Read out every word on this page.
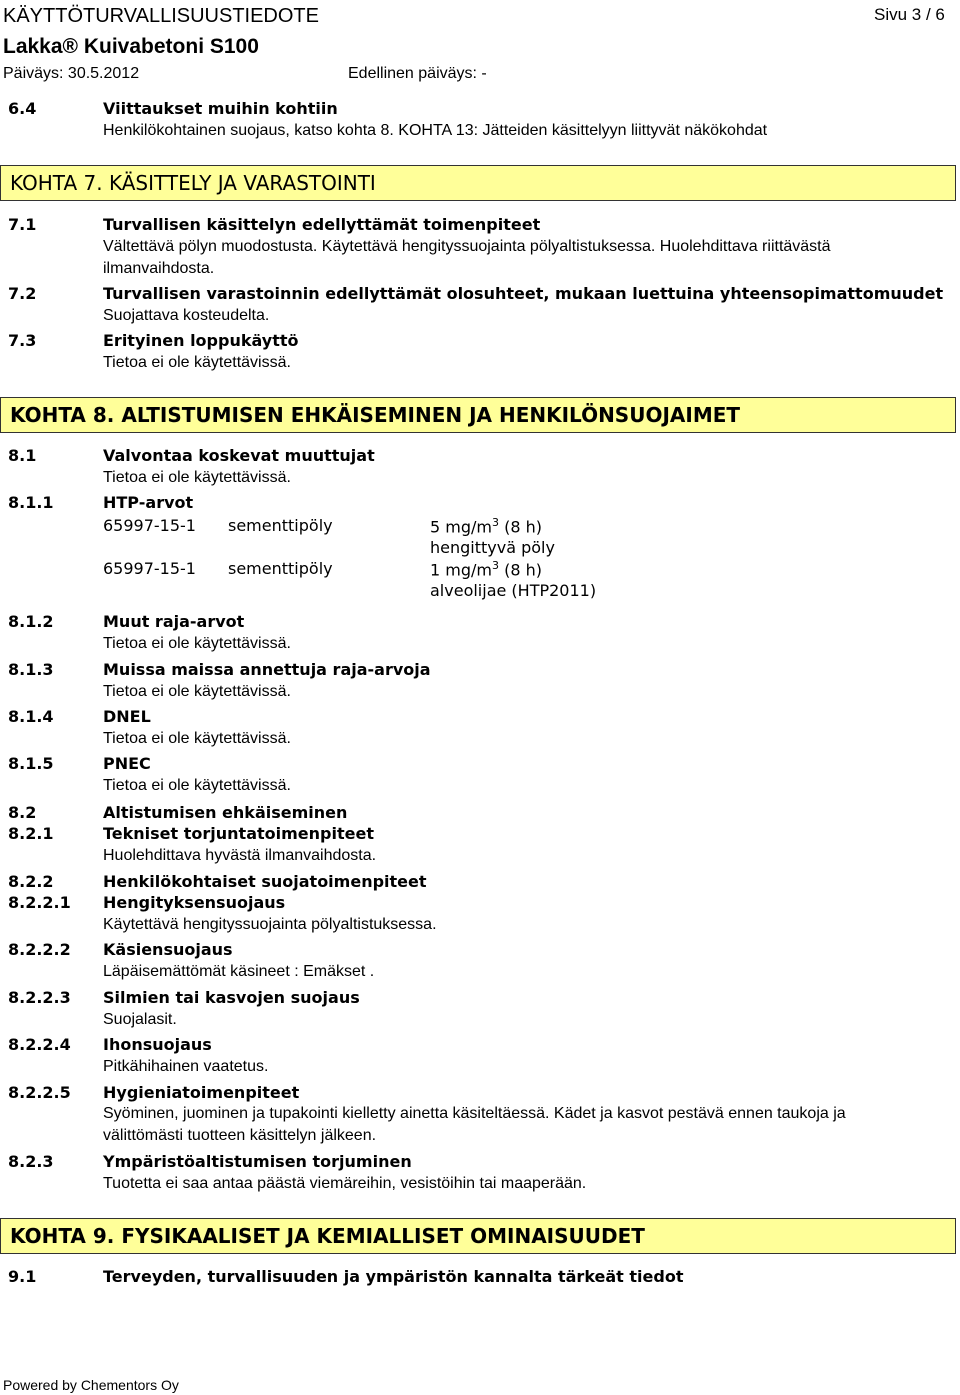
KÄYTTÖTURVALLISUUSTIEDOTE	Sivu 3 / 6
Lakka® Kuivabetoni S100
Päiväys: 30.5.2012	Edellinen päiväys: -
6.4	Viittaukset muihin kohtiin
Henkilökohtainen suojaus, katso kohta 8. KOHTA 13: Jätteiden käsittelyyn liittyvät näkökohdat
KOHTA 7. KÄSITTELY JA VARASTOINTI
7.1	Turvallisen käsittelyn edellyttämät toimenpiteet
Vältettävä pölyn muodostusta. Käytettävä hengityssuojainta pölyaltistuksessa. Huolehdittava riittävästä
ilmanvaihdosta.
7.2	Turvallisen varastoinnin edellyttämät olosuhteet, mukaan luettuina yhteensopimattomuudet
Suojattava kosteudelta.
7.3	Erityinen loppukäyttö
Tietoa ei ole käytettävissä.
KOHTA 8. ALTISTUMISEN EHKÄISEMINEN JA HENKILÖNSUOJAIMET
8.1	Valvontaa koskevat muuttujat
Tietoa ei ole käytettävissä.
8.1.1	HTP-arvot
65997-15-1 sementtipöly	5 $mg/m^3$ (8 h)
hengittyvä pöly
65997-15-1 sementtipöly	1 $mg/m^3$ (8 h)
alveolijae (HTP2011)
8.1.2	Muut raja-arvot
Tietoa ei ole käytettävissä.
8.1.3	Muissa maissa annettuja raja-arvoja
Tietoa ei ole käytettävissä.
8.1.4	DNEL
Tietoa ei ole käytettävissä.
8.1.5	PNEC
Tietoa ei ole käytettävissä.
8.2	Altistumisen ehkäiseminen
8.2.1	Tekniset torjuntatoimenpiteet
Huolehdittava hyvästä ilmanvaihdosta.
8.2.2	Henkilökohtaiset suojatoimenpiteet
8.2.2.1 Hengityksensuojaus
Käytettävä hengityssuojainta pölyaltistuksessa.
8.2.2.2 Käsiensuojaus
Läpäisemättömät käsineet : Emäkset .
8.2.2.3 Silmien tai kasvojen suojaus
Suojalasit.
8.2.2.4 Ihonsuojaus
Pitkähihainen vaatetus.
8.2.2.5 Hygieniatoimenpiteet
Syöminen, juominen ja tupakointi kielletty ainetta käsiteltäessä. Kädet ja kasvot pestävä ennen taukoja ja
välittömästi tuotteen käsittelyn jälkeen.
8.2.3	Ympäristöaltistumisen torjuminen
Tuotetta ei saa antaa päästä viemäreihin, vesistöihin tai maaperään.
KOHTA 9. FYSIKAALISET JA KEMIALLISET OMINAISUUDET
9.1	Terveyden, turvallisuuden ja ympäristön kannalta tärkeät tiedot
Powered by Chementors Oy
